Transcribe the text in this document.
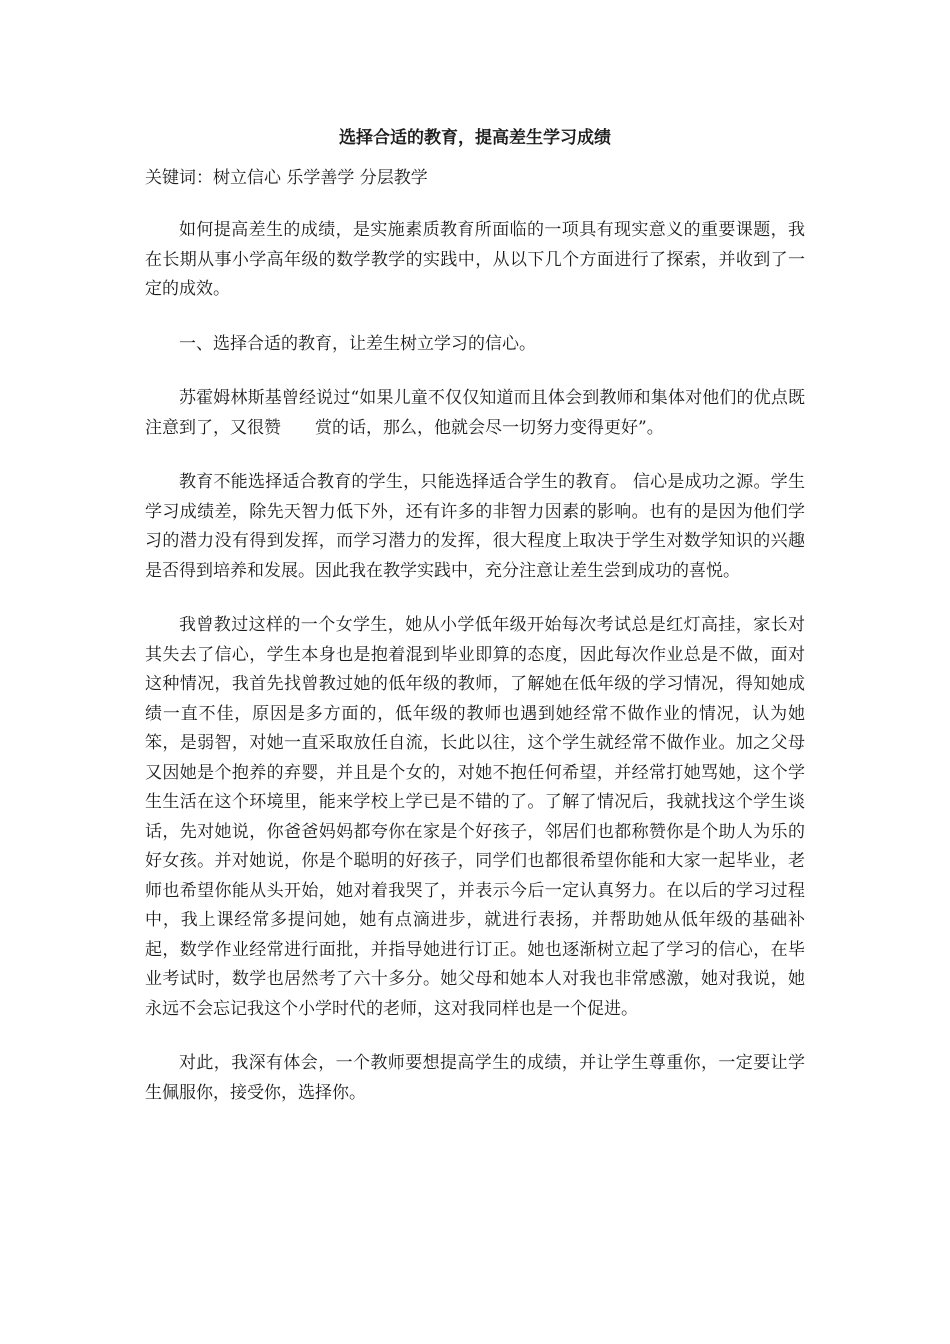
选择合适的教育，提高差生学习成绩

关键词：树立信心 乐学善学 分层教学

如何提高差生的成绩，是实施素质教育所面临的一项具有现实意义的重要课题，我在长期从事小学高年级的数学教学的实践中，从以下几个方面进行了探索，并收到了一定的成效。

一、选择合适的教育，让差生树立学习的信心。

苏霍姆林斯基曾经说过“如果儿童不仅仅知道而且体会到教师和集体对他们的优点既注意到了，又很赞　　赏的话，那么，他就会尽一切努力变得更好”。

教育不能选择适合教育的学生，只能选择适合学生的教育。 信心是成功之源。学生学习成绩差，除先天智力低下外，还有许多的非智力因素的影响。也有的是因为他们学习的潜力没有得到发挥，而学习潜力的发挥，很大程度上取决于学生对数学知识的兴趣是否得到培养和发展。因此我在教学实践中，充分注意让差生尝到成功的喜悦。

我曾教过这样的一个女学生，她从小学低年级开始每次考试总是红灯高挂，家长对其失去了信心，学生本身也是抱着混到毕业即算的态度，因此每次作业总是不做，面对这种情况，我首先找曾教过她的低年级的教师，了解她在低年级的学习情况，得知她成绩一直不佳，原因是多方面的，低年级的教师也遇到她经常不做作业的情况，认为她笨，是弱智，对她一直采取放任自流，长此以往，这个学生就经常不做作业。加之父母又因她是个抱养的弃婴，并且是个女的，对她不抱任何希望，并经常打她骂她，这个学生生活在这个环境里，能来学校上学已是不错的了。了解了情况后，我就找这个学生谈话，先对她说，你爸爸妈妈都夸你在家是个好孩子，邻居们也都称赞你是个助人为乐的好女孩。并对她说，你是个聪明的好孩子，同学们也都很希望你能和大家一起毕业，老师也希望你能从头开始，她对着我哭了，并表示今后一定认真努力。在以后的学习过程中，我上课经常多提问她，她有点滴进步，就进行表扬，并帮助她从低年级的基础补起，数学作业经常进行面批，并指导她进行订正。她也逐渐树立起了学习的信心，在毕业考试时，数学也居然考了六十多分。她父母和她本人对我也非常感激，她对我说，她永远不会忘记我这个小学时代的老师，这对我同样也是一个促进。

对此，我深有体会，一个教师要想提高学生的成绩，并让学生尊重你，一定要让学生佩服你，接受你，选择你。
